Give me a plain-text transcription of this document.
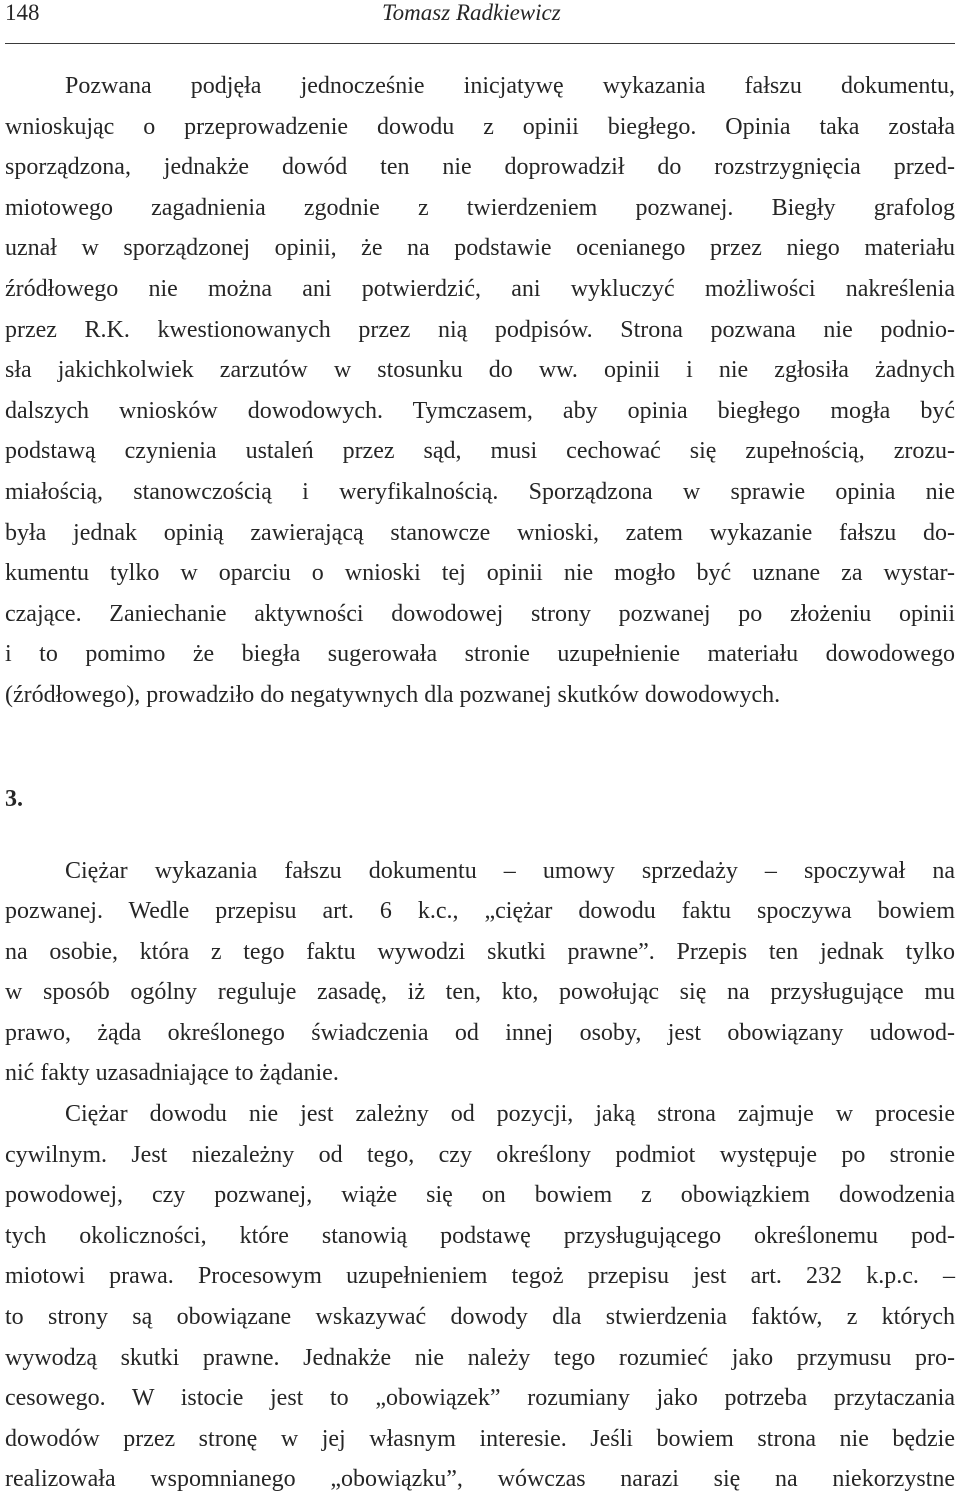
148	Tomasz Radkiewicz

Pozwana podjęła jednocześnie inicjatywę wykazania fałszu dokumentu,
wnioskując o przeprowadzenie dowodu z opinii biegłego. Opinia taka została
sporządzona, jednakże dowód ten nie doprowadził do rozstrzygnięcia przed-
miotowego zagadnienia zgodnie z twierdzeniem pozwanej. Biegły grafolog
uznał w sporządzonej opinii, że na podstawie ocenianego przez niego materiału
źródłowego nie można ani potwierdzić, ani wykluczyć możliwości nakreślenia
przez R.K. kwestionowanych przez nią podpisów. Strona pozwana nie podnio-
sła jakichkolwiek zarzutów w stosunku do ww. opinii i nie zgłosiła żadnych
dalszych wniosków dowodowych. Tymczasem, aby opinia biegłego mogła być
podstawą czynienia ustaleń przez sąd, musi cechować się zupełnością, zrozu-
miałością, stanowczością i weryfikalnością. Sporządzona w sprawie opinia nie
była jednak opinią zawierającą stanowcze wnioski, zatem wykazanie fałszu do-
kumentu tylko w oparciu o wnioski tej opinii nie mogło być uznane za wystar-
czające. Zaniechanie aktywności dowodowej strony pozwanej po złożeniu opinii
i to pomimo że biegła sugerowała stronie uzupełnienie materiału dowodowego
(źródłowego), prowadziło do negatywnych dla pozwanej skutków dowodowych.

3.

Ciężar wykazania fałszu dokumentu – umowy sprzedaży – spoczywał na
pozwanej. Wedle przepisu art. 6 k.c., „ciężar dowodu faktu spoczywa bowiem
na osobie, która z tego faktu wywodzi skutki prawne”. Przepis ten jednak tylko
w sposób ogólny reguluje zasadę, iż ten, kto, powołując się na przysługujące mu
prawo, żąda określonego świadczenia od innej osoby, jest obowiązany udowod-
nić fakty uzasadniające to żądanie.

Ciężar dowodu nie jest zależny od pozycji, jaką strona zajmuje w procesie
cywilnym. Jest niezależny od tego, czy określony podmiot występuje po stronie
powodowej, czy pozwanej, wiąże się on bowiem z obowiązkiem dowodzenia
tych okoliczności, które stanowią podstawę przysługującego określonemu pod-
miotowi prawa. Procesowym uzupełnieniem tegoż przepisu jest art. 232 k.p.c. –
to strony są obowiązane wskazywać dowody dla stwierdzenia faktów, z których
wywodzą skutki prawne. Jednakże nie należy tego rozumieć jako przymusu pro-
cesowego. W istocie jest to „obowiązek” rozumiany jako potrzeba przytaczania
dowodów przez stronę w jej własnym interesie. Jeśli bowiem strona nie będzie
realizowała wspomnianego „obowiązku”, wówczas narazi się na niekorzystne
